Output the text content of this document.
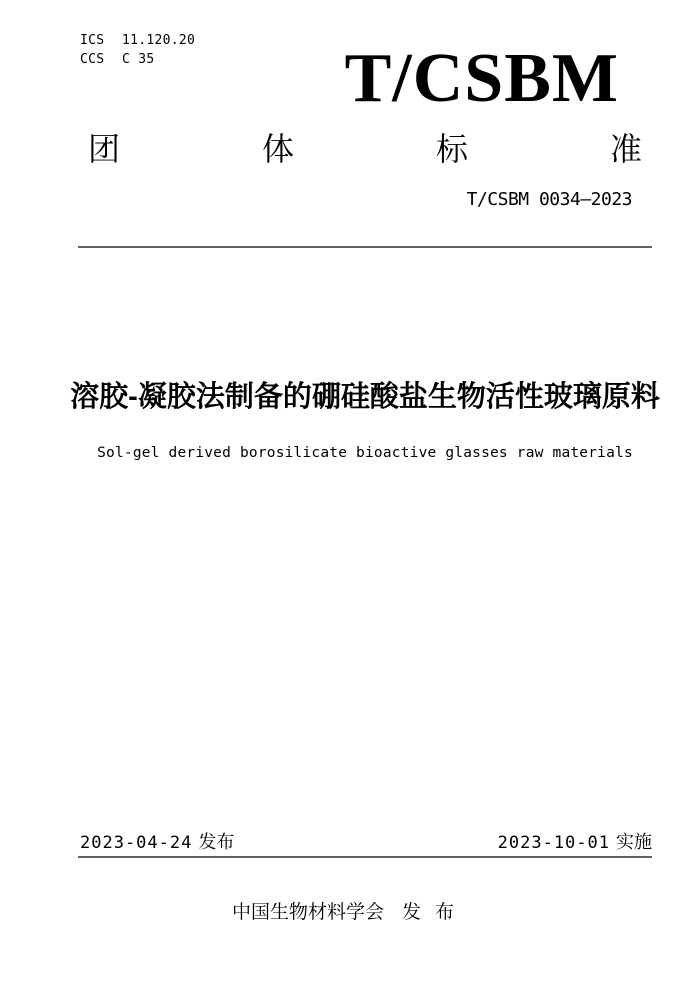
ICS 11.120.20
CCS C 35	T/CSBM
团	体	标	准
T/CSBM 0034—2023
溶胶-凝胶法制备的硼硅酸盐生物活性玻璃原料
Sol-gel derived borosilicate bioactive glasses raw materials
2023-04-24 发布	2023-10-01 实施
中国生物材料学会 发布
